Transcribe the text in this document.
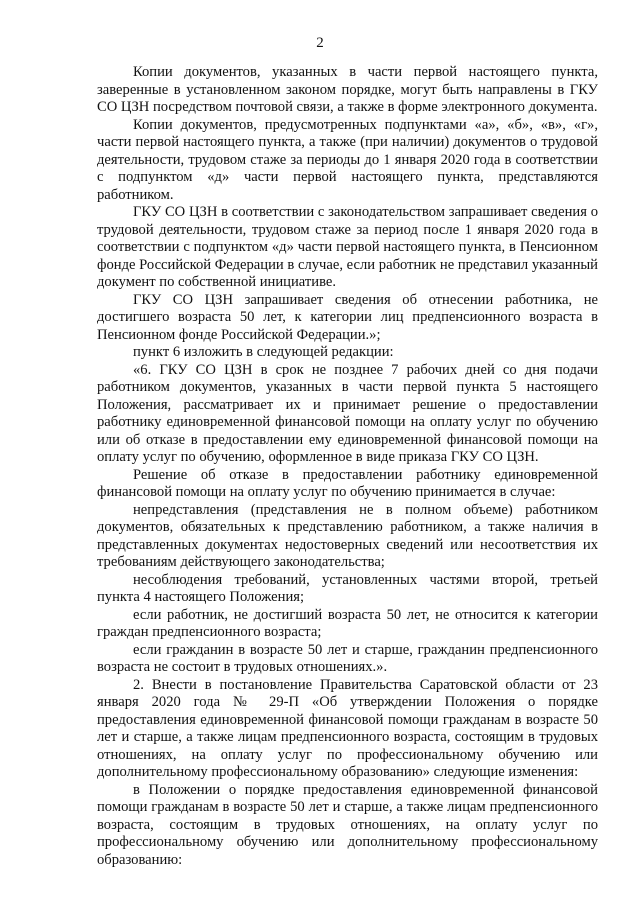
2

Копии документов, указанных в части первой настоящего пункта, заверенные в установленном законом порядке, могут быть направлены в ГКУ СО ЦЗН посредством почтовой связи, а также в форме электронного документа.

Копии документов, предусмотренных подпунктами «а», «б», «в», «г», части первой настоящего пункта, а также (при наличии) документов о трудовой деятельности, трудовом стаже за периоды до 1 января 2020 года в соответствии с подпунктом «д» части первой настоящего пункта, представляются работником.

ГКУ СО ЦЗН в соответствии с законодательством запрашивает сведения о трудовой деятельности, трудовом стаже за период после 1 января 2020 года в соответствии с подпунктом «д» части первой настоящего пункта, в Пенсионном фонде Российской Федерации в случае, если работник не представил указанный документ по собственной инициативе.

ГКУ СО ЦЗН запрашивает сведения об отнесении работника, не достигшего возраста 50 лет, к категории лиц предпенсионного возраста в Пенсионном фонде Российской Федерации.»;

пункт 6 изложить в следующей редакции:

«6. ГКУ СО ЦЗН в срок не позднее 7 рабочих дней со дня подачи работником документов, указанных в части первой пункта 5 настоящего Положения, рассматривает их и принимает решение о предоставлении работнику единовременной финансовой помощи на оплату услуг по обучению или об отказе в предоставлении ему единовременной финансовой помощи на оплату услуг по обучению, оформленное в виде приказа ГКУ СО ЦЗН.

Решение об отказе в предоставлении работнику единовременной финансовой помощи на оплату услуг по обучению принимается в случае:

непредставления (представления не в полном объеме) работником документов, обязательных к представлению работником, а также наличия в представленных документах недостоверных сведений или несоответствия их требованиям действующего законодательства;

несоблюдения требований, установленных частями второй, третьей пункта 4 настоящего Положения;

если работник, не достигший возраста 50 лет, не относится к категории граждан предпенсионного возраста;

если гражданин в возрасте 50 лет и старше, гражданин предпенсионного возраста не состоит в трудовых отношениях.».

2. Внести в постановление Правительства Саратовской области от 23 января 2020 года № 29-П «Об утверждении Положения о порядке предоставления единовременной финансовой помощи гражданам в возрасте 50 лет и старше, а также лицам предпенсионного возраста, состоящим в трудовых отношениях, на оплату услуг по профессиональному обучению или дополнительному профессиональному образованию» следующие изменения:

в Положении о порядке предоставления единовременной финансовой помощи гражданам в возрасте 50 лет и старше, а также лицам предпенсионного возраста, состоящим в трудовых отношениях, на оплату услуг по профессиональному обучению или дополнительному профессиональному образованию:
